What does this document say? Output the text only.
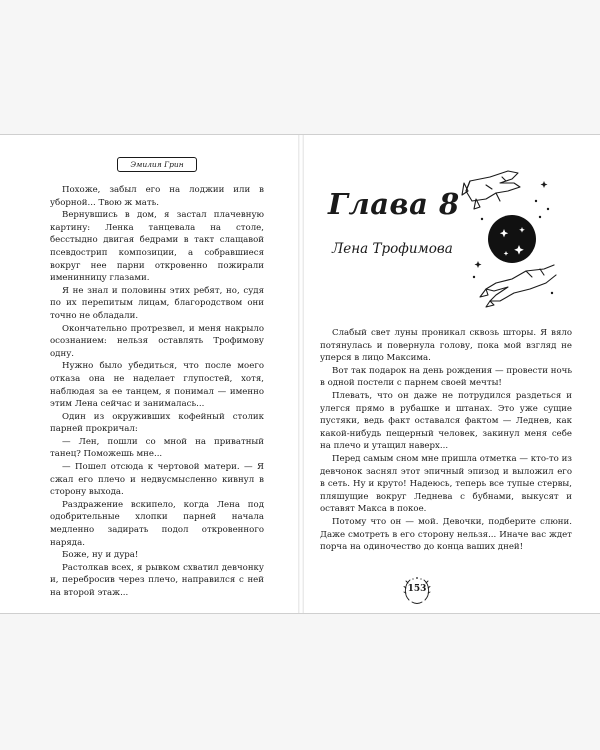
Эмилия Грин

Похоже, забыл его на лоджии или в уборной... Твою ж мать.

Вернувшись в дом, я застал плачевную картину: Ленка танцевала на столе, бесстыдно двигая бедрами в такт слащавой псевдострип композиции, а собравшиеся вокруг нее парни откровенно пожирали именинницу глазами.

Я не знал и половины этих ребят, но, судя по их перепитым лицам, благородством они точно не обладали.

Окончательно протрезвел, и меня накрыло осознанием: нельзя оставлять Трофимову одну.

Нужно было убедиться, что после моего отказа она не наделает глупостей, хотя, наблюдая за ее танцем, я понимал — именно этим Лена сейчас и занималась...

Один из окруживших кофейный столик парней прокричал:

— Лен, пошли со мной на приватный танец? Поможешь мне...

— Пошел отсюда к чертовой матери. — Я сжал его плечо и недвусмысленно кивнул в сторону выхода.

Раздражение вскипело, когда Лена под одобрительные хлопки парней начала медленно задирать подол откровенного наряда.

Боже, ну и дура!

Растолкав всех, я рывком схватил девчонку и, перебросив через плечо, направился с ней на второй этаж...

Глава 8
Лена Трофимова

Слабый свет луны проникал сквозь шторы. Я вяло потянулась и повернула голову, пока мой взгляд не уперся в лицо Максима.

Вот так подарок на день рождения — провести ночь в одной постели с парнем своей мечты!

Плевать, что он даже не потрудился раздеться и улегся прямо в рубашке и штанах. Это уже сущие пустяки, ведь факт оставался фактом — Леднев, как какой-нибудь пещерный человек, закинул меня себе на плечо и утащил наверх...

Перед самым сном мне пришла отметка — кто-то из девчонок заснял этот эпичный эпизод и выложил его в сеть. Ну и круто! Надеюсь, теперь все тупые стервы, пляшущие вокруг Леднева с бубнами, выкусят и оставят Макса в покое.

Потому что он — мой. Девочки, подберите слюни. Даже смотреть в его сторону нельзя... Иначе вас ждет порча на одиночество до конца ваших дней!

153
